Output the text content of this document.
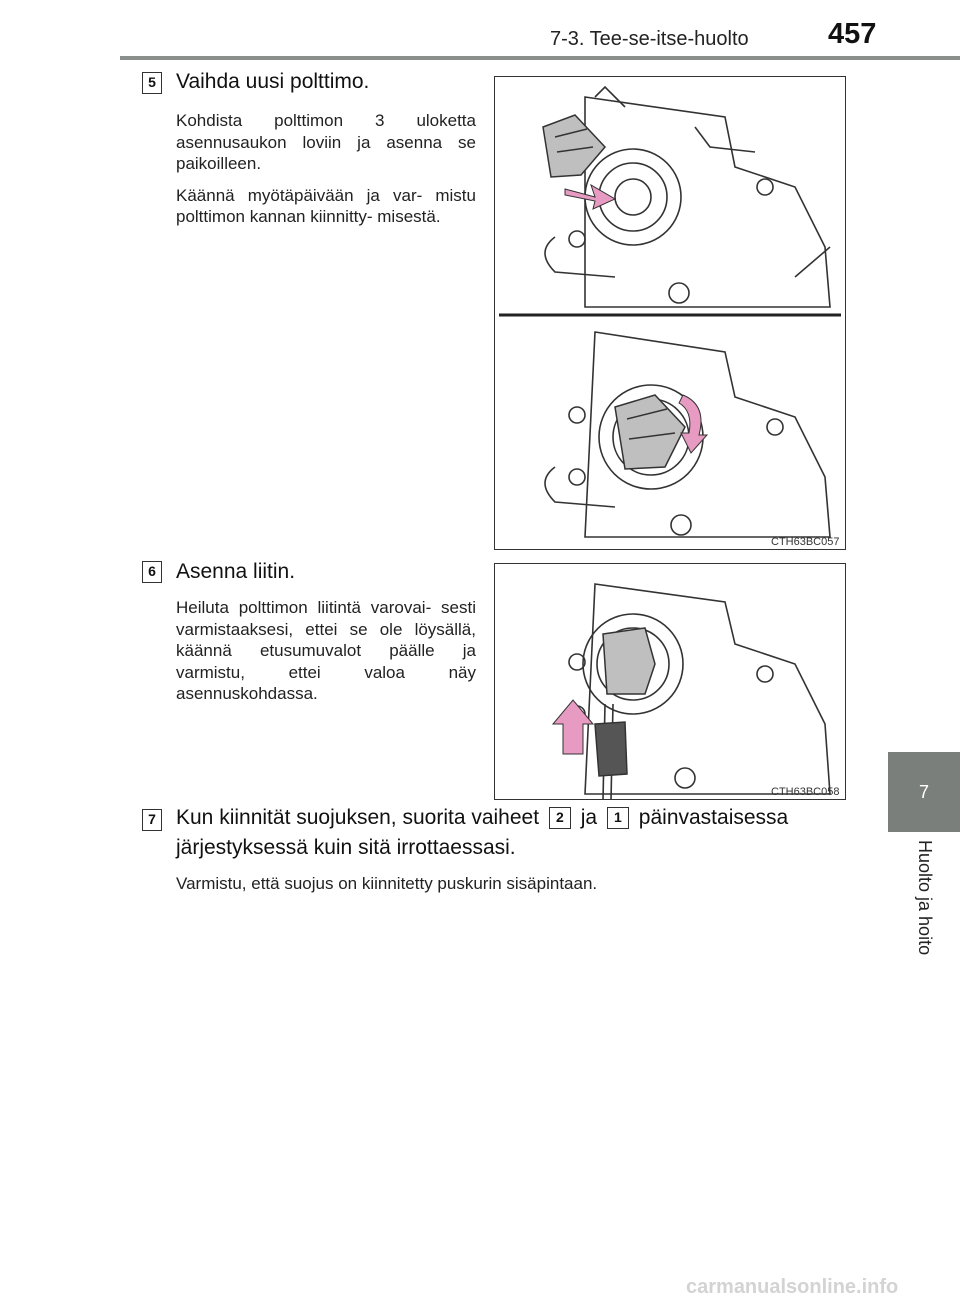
7-3. Tee-se-itse-huolto	457
7
Huolto ja hoito
5 Vaihda uusi polttimo.

Kohdista polttimon 3 uloketta asennusaukon loviin ja asenna se paikoilleen.

Käännä myötäpäivään ja var- mistu polttimon kannan kiinnitty- misestä.

CTH63BC057
6 Asenna liitin.

Heiluta polttimon liitintä varovai- sesti varmistaaksesi, ettei se ole löysällä, käännä etusumuvalot päälle ja varmistu, ettei valoa näy asennuskohdassa.

CTH63BC058
7 Kun kiinnität suojuksen, suorita vaiheet 2 ja 1 päinvastaisessa järjestyksessä kuin sitä irrottaessasi.
Varmistu, että suojus on kiinnitetty puskurin sisäpintaan.
carmanualsonline.info
